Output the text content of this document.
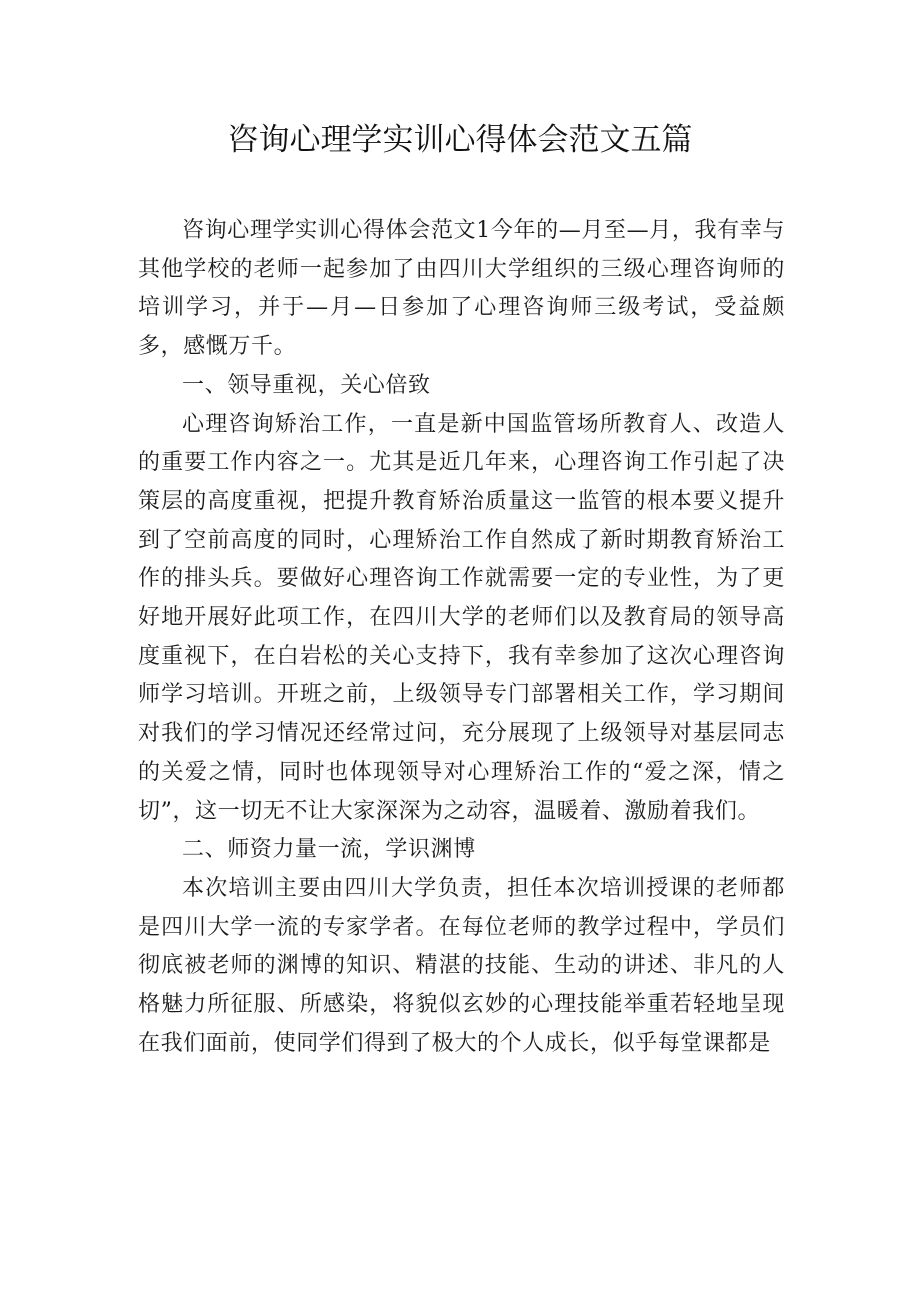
咨询心理学实训心得体会范文五篇

咨询心理学实训心得体会范文1今年的—月至—月，我有幸与其他学校的老师一起参加了由四川大学组织的三级心理咨询师的培训学习，并于—月—日参加了心理咨询师三级考试，受益颇多，感慨万千。

一、领导重视，关心倍致

心理咨询矫治工作，一直是新中国监管场所教育人、改造人的重要工作内容之一。尤其是近几年来，心理咨询工作引起了决策层的高度重视，把提升教育矫治质量这一监管的根本要义提升到了空前高度的同时，心理矫治工作自然成了新时期教育矫治工作的排头兵。要做好心理咨询工作就需要一定的专业性，为了更好地开展好此项工作，在四川大学的老师们以及教育局的领导高度重视下，在白岩松的关心支持下，我有幸参加了这次心理咨询师学习培训。开班之前，上级领导专门部署相关工作，学习期间对我们的学习情况还经常过问，充分展现了上级领导对基层同志的关爱之情，同时也体现领导对心理矫治工作的“爱之深，情之切”，这一切无不让大家深深为之动容，温暖着、激励着我们。

二、师资力量一流，学识渊博

本次培训主要由四川大学负责，担任本次培训授课的老师都是四川大学一流的专家学者。在每位老师的教学过程中，学员们彻底被老师的渊博的知识、精湛的技能、生动的讲述、非凡的人格魅力所征服、所感染，将貌似玄妙的心理技能举重若轻地呈现在我们面前，使同学们得到了极大的个人成长，似乎每堂课都是
